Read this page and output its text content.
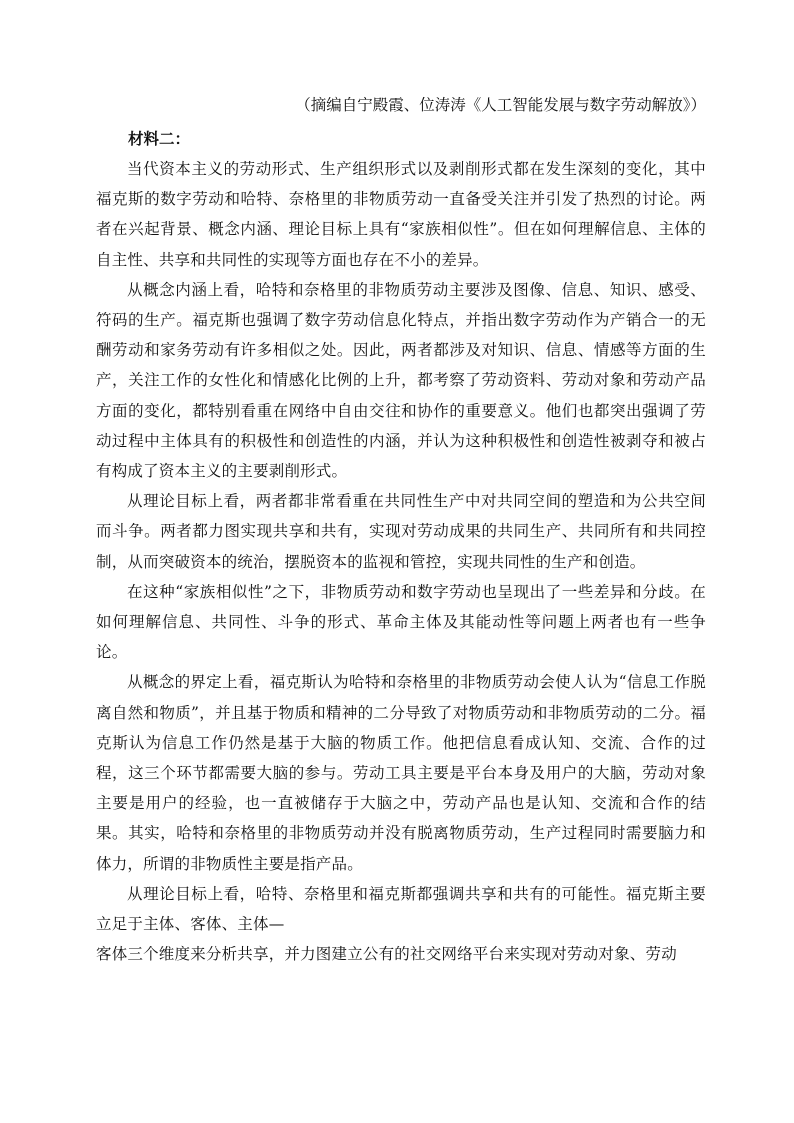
（摘编自宁殿霞、位涛涛《人工智能发展与数字劳动解放》）

材料二：

当代资本主义的劳动形式、生产组织形式以及剥削形式都在发生深刻的变化，其中福克斯的数字劳动和哈特、奈格里的非物质劳动一直备受关注并引发了热烈的讨论。两者在兴起背景、概念内涵、理论目标上具有“家族相似性”。但在如何理解信息、主体的自主性、共享和共同性的实现等方面也存在不小的差异。

从概念内涵上看，哈特和奈格里的非物质劳动主要涉及图像、信息、知识、感受、符码的生产。福克斯也强调了数字劳动信息化特点，并指出数字劳动作为产销合一的无酬劳动和家务劳动有许多相似之处。因此，两者都涉及对知识、信息、情感等方面的生产，关注工作的女性化和情感化比例的上升，都考察了劳动资料、劳动对象和劳动产品方面的变化，都特别看重在网络中自由交往和协作的重要意义。他们也都突出强调了劳动过程中主体具有的积极性和创造性的内涵，并认为这种积极性和创造性被剥夺和被占有构成了资本主义的主要剥削形式。

从理论目标上看，两者都非常看重在共同性生产中对共同空间的塑造和为公共空间而斗争。两者都力图实现共享和共有，实现对劳动成果的共同生产、共同所有和共同控制，从而突破资本的统治，摆脱资本的监视和管控，实现共同性的生产和创造。

在这种“家族相似性”之下，非物质劳动和数字劳动也呈现出了一些差异和分歧。在如何理解信息、共同性、斗争的形式、革命主体及其能动性等问题上两者也有一些争论。

从概念的界定上看，福克斯认为哈特和奈格里的非物质劳动会使人认为“信息工作脱离自然和物质”，并且基于物质和精神的二分导致了对物质劳动和非物质劳动的二分。福克斯认为信息工作仍然是基于大脑的物质工作。他把信息看成认知、交流、合作的过程，这三个环节都需要大脑的参与。劳动工具主要是平台本身及用户的大脑，劳动对象主要是用户的经验，也一直被储存于大脑之中，劳动产品也是认知、交流和合作的结果。其实，哈特和奈格里的非物质劳动并没有脱离物质劳动，生产过程同时需要脑力和体力，所谓的非物质性主要是指产品。

从理论目标上看，哈特、奈格里和福克斯都强调共享和共有的可能性。福克斯主要立足于主体、客体、主体—

客体三个维度来分析共享，并力图建立公有的社交网络平台来实现对劳动对象、劳动
